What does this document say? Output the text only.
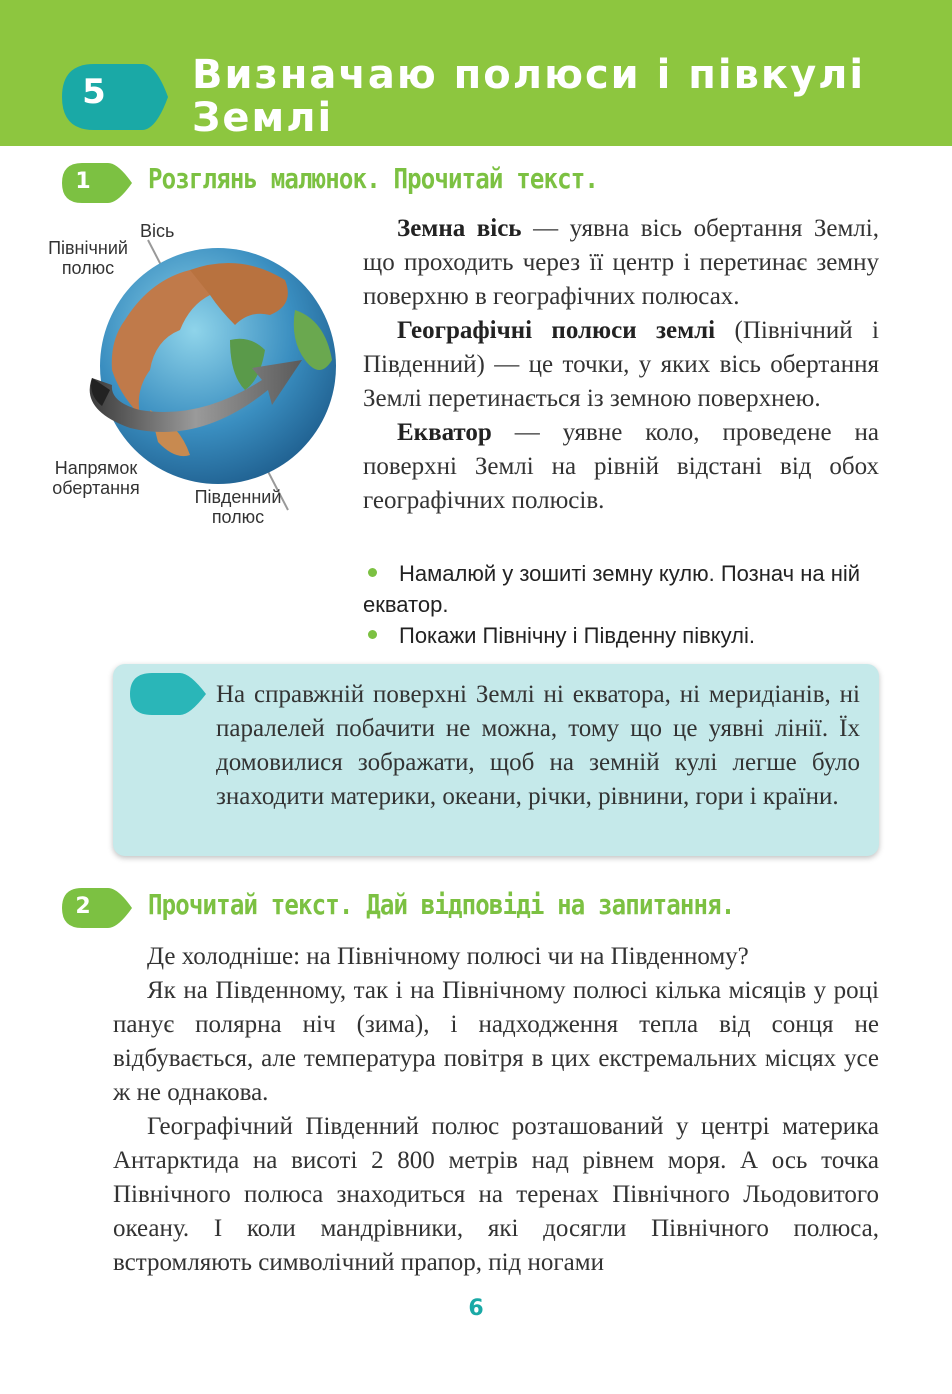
5	Визначаю полюси і півкулі
Землі
1	Розглянь малюнок. Прочитай текст.
Вісь
Північний
полюс
Напрямок
обертання	Південний
полюс

Земна вісь — уявна вісь обертання Землі, що проходить через її центр і перетинає земну поверхню в географічних полюсах.

Географічні полюси землі (Північний і Південний) — це точки, у яких вісь обертання Землі перетинається із земною поверхнею.

Екватор — уявне коло, проведене на поверхні Землі на рівній відстані від обох географічних полюсів.

Намалюй у зошиті земну кулю. Познач на ній екватор.

Покажи Північну і Південну півкулі.

На справжній поверхні Землі ні екватора, ні меридіанів, ні паралелей побачити не можна, тому що це уявні лінії. Їх домовилися зображати, щоб на земній кулі легше було знаходити материки, океани, річки, рівнини, гори і країни.
2	Прочитай текст. Дай відповіді на запитання.

Де холодніше: на Північному полюсі чи на Південному?

Як на Південному, так і на Північному полюсі кілька місяців у році панує полярна ніч (зима), і надходження тепла від сонця не відбувається, але температура повітря в цих екстремальних місцях усе ж не однакова.

Географічний Південний полюс розташований у центрі материка Антарктида на висоті 2 800 метрів над рівнем моря. А ось точка Північного полюса знаходиться на теренах Північного Льодовитого океану. І коли мандрівники, які досягли Північного полюса, встромляють символічний прапор, під ногами

6
